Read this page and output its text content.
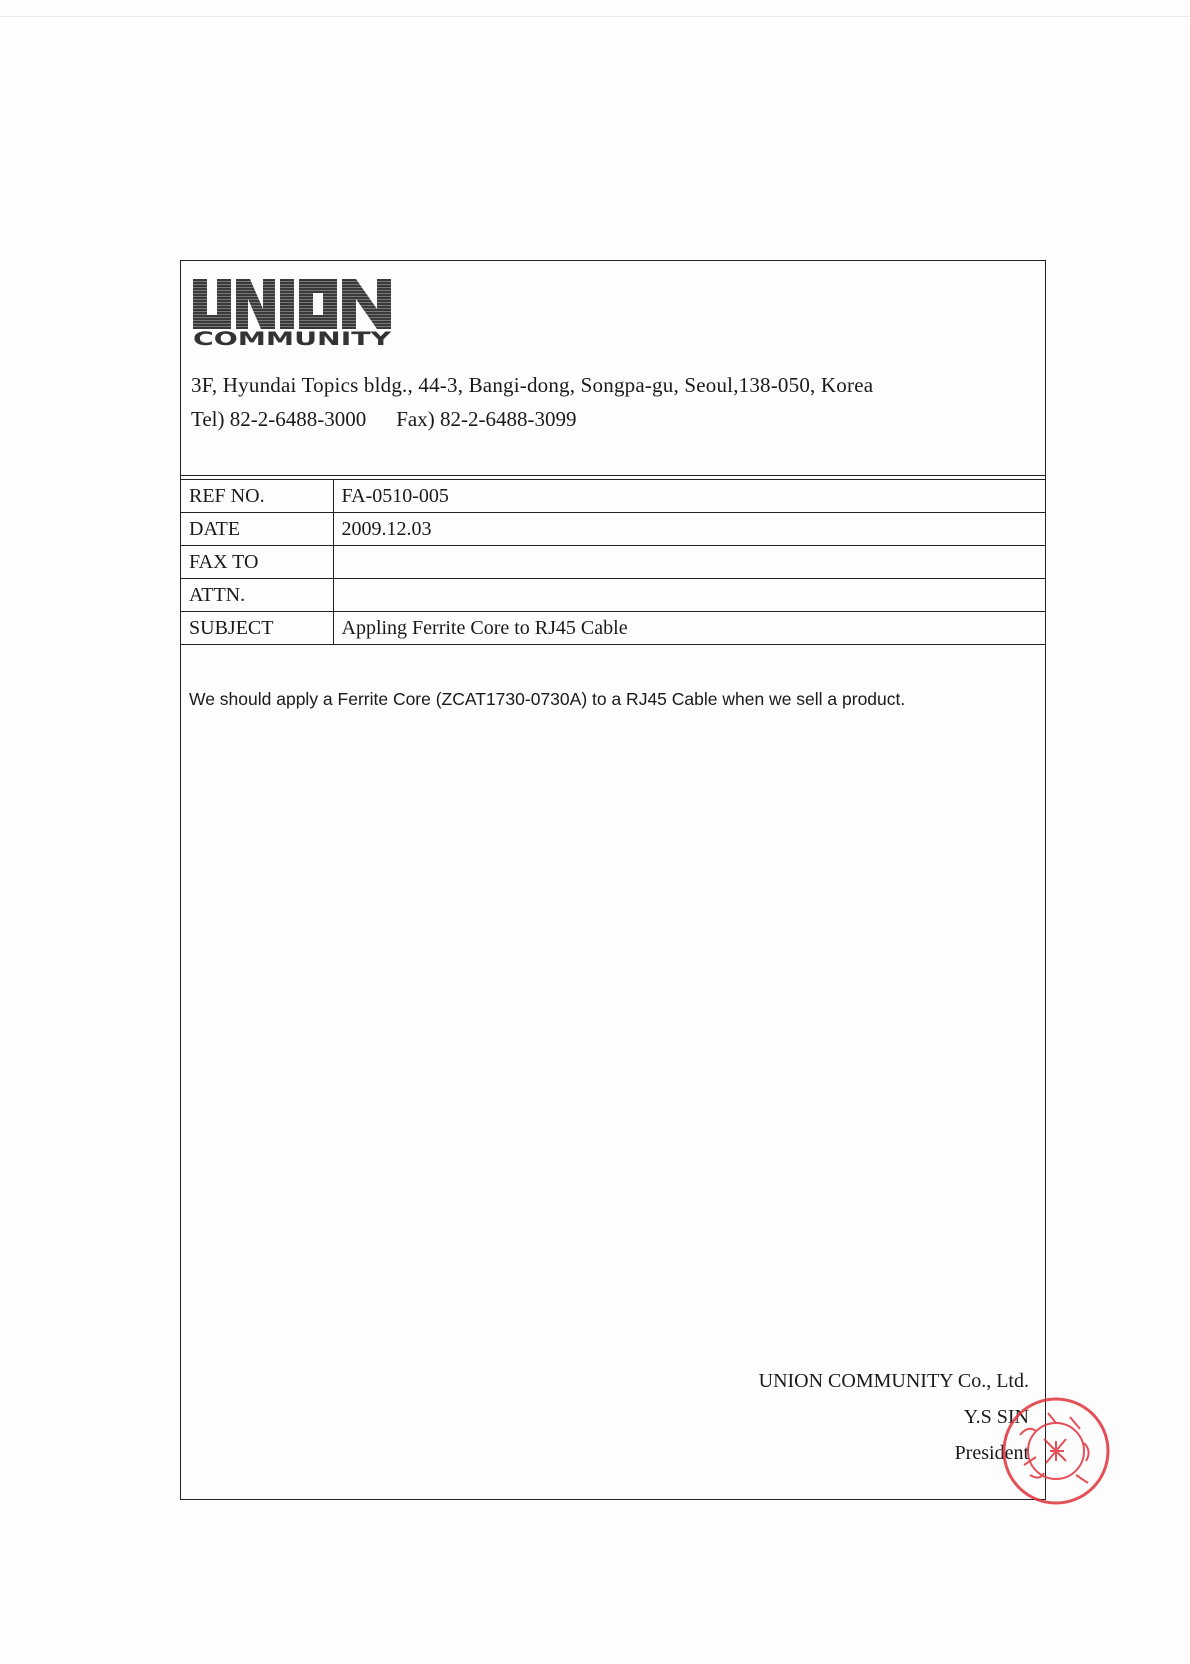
COMMUNITY
3F, Hyundai Topics bldg., 44-3, Bangi-dong, Songpa-gu, Seoul,138-050, Korea
Tel) 82-2-6488-3000 Fax) 82-2-6488-3099
REF NO.	FA-0510-005
DATE	2009.12.03
FAX TO	
ATTN.	
SUBJECT	Appling Ferrite Core to RJ45 Cable
We should apply a Ferrite Core (ZCAT1730-0730A) to a RJ45 Cable when we sell a product.
UNION COMMUNITY Co., Ltd.
Y.S SIN
President
